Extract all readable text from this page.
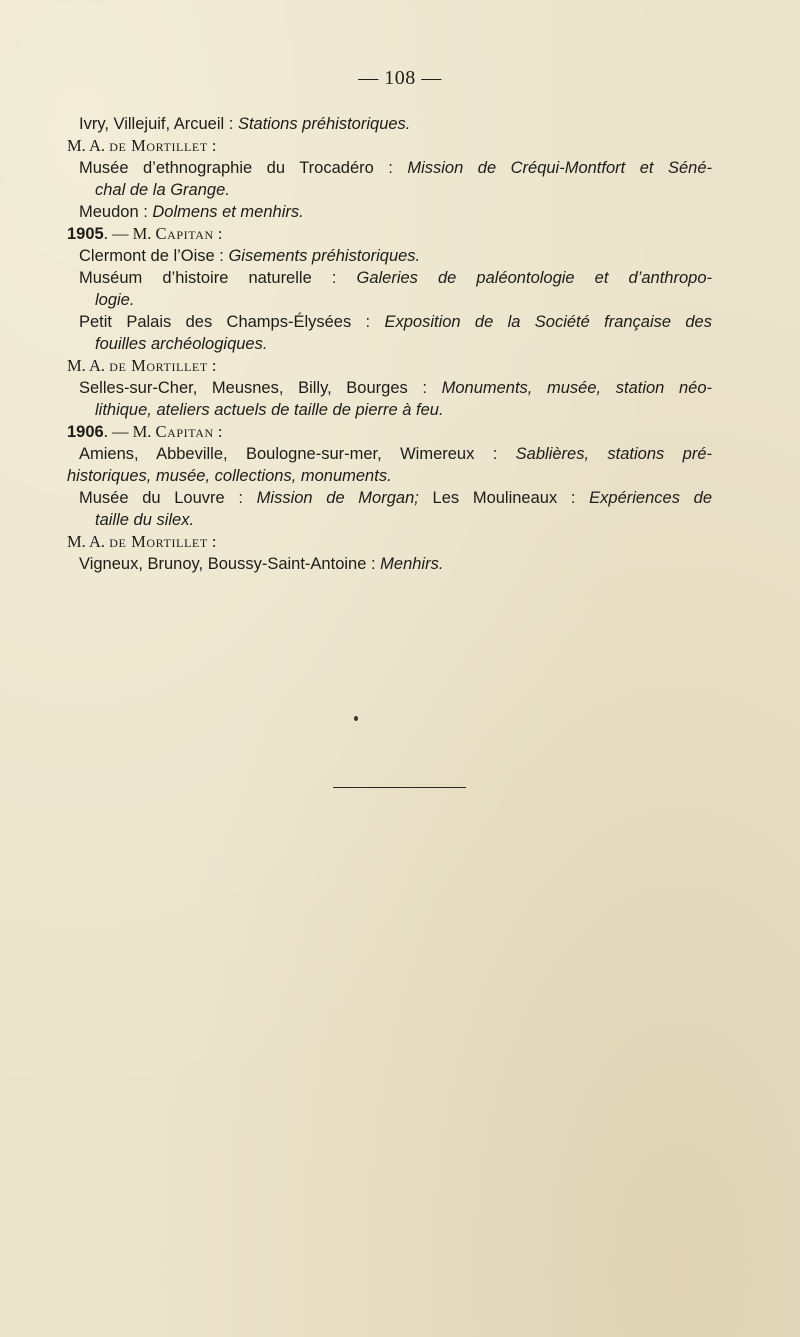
— 108 —
Ivry, Villejuif, Arcueil : Stations préhistoriques.
M. A. de Mortillet :
Musée d’ethnographie du Trocadéro : Mission de Créqui-Montfort et Séné-
chal de la Grange.
Meudon : Dolmens et menhirs.
1905. — M. Capitan :
Clermont de l’Oise : Gisements préhistoriques.
Muséum d’histoire naturelle : Galeries de paléontologie et d’anthropo-
logie.
Petit Palais des Champs-Élysées : Exposition de la Société française des
fouilles archéologiques.
M. A. de Mortillet :
Selles-sur-Cher, Meusnes, Billy, Bourges : Monuments, musée, station néo-
lithique, ateliers actuels de taille de pierre à feu.
1906. — M. Capitan :
Amiens, Abbeville, Boulogne-sur-mer, Wimereux : Sablières, stations pré-
historiques, musée, collections, monuments.
Musée du Louvre : Mission de Morgan; Les Moulineaux : Expériences de
taille du silex.
M. A. de Mortillet :
Vigneux, Brunoy, Boussy-Saint-Antoine : Menhirs.
